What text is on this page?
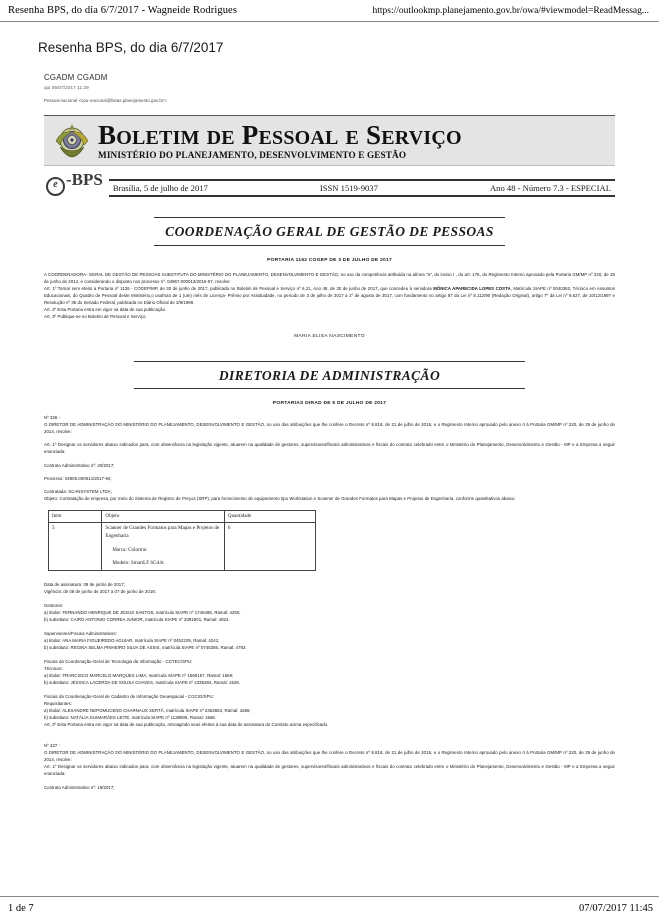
Resenha BPS, do dia 6/7/2017 - Wagneide Rodrigues	https://outlookmp.planejamento.gov.br/owa/#viewmodel=ReadMessag...
Resenha BPS, do dia 6/7/2017
CGADM CGADM
qui 06/07/2017 11:29
Pessoa-nacional <cpu-nacional@listas.planejamento.gov.br>;
BOLETIM DE PESSOAL E SERVIÇO
MINISTÉRIO DO PLANEJAMENTO, DESENVOLVIMENTO E GESTÃO
e -BPS	Brasília, 5 de julho de 2017	ISSN 1519-9037	Ano 48 - Número 7.3 - ESPECIAL
COORDENAÇÃO GERAL DE GESTÃO DE PESSOAS
PORTARIA 1162 COGEP DE 3 DE JULHO DE 2017

A COORDENADORA- GERAL DE GESTÃO DE PESSOAS SUBSTITUTA DO MINISTÉRIO DO PLANEJAMENTO, DESENVOLVIMENTO E GESTÃO, no uso da competência atribuída na alínea "a", do inciso I , do art. 176, do Regimento Interno aprovado pela Portaria GM/MP nº 220, de 25 de junho de 2014, e considerando o disposto nos processo nº. 04967.000013/2016-97, resolve:

Art. 1º Tornar sem efeito a Portaria nº 1126 - COGEP/MP, de 30 de junho de 2017, publicada no Boletim de Pessoal e Serviço nº 6.21, Ano 48, de 30 de junho de 2017, que concedeu à servidora MÔNICA APARECIDA LOPES COSTA, Matrícula SIAPE nº 0040362, Técnico em Assuntos Educacionais, do Quadro de Pessoal deste Ministério,o usufruto de 1 (um) mês de Licença- Prêmio por Assiduidade, no período de 3 de julho de 2017 a 1º de agosto de 2017, com fundamento no artigo 87 da Lei nº 8.112/90 (Redação Original), artigo 7º da Lei nº 9.527, de 10/12/1997 e Resolução nº 35 do Senado Federal, publicada no Diário Oficial de 3/9/1999.

Art. 2º Esta Portaria entra em vigor na data de sua publicação.

Art. 3º Publique-se no Boletim de Pessoal e Serviço.

MARIA ELISA NASCIMENTO
DIRETORIA DE ADMINISTRAÇÃO
PORTARIAS DIRAD DE 5 DE JULHO DE 2017

Nº 326 -

O DIRETOR DE ADMINISTRAÇÃO DO MINISTÉRIO DO PLANEJAMENTO, DESENVOLVIMENTO E GESTÃO, no uso das atribuições que lhe confere o Decreto nº 8.818, de 21 de julho de 2016, e o Regimento Interno aprovado pelo anexo II à Portaria GM/MP nº 220, de 25 de junho de 2014, resolve:

Art. 1º Designar os servidores abaixo indicados para, com observância na legislação vigente, atuarem na qualidade de gestores, supervisores/fiscais administrativos e fiscais do contrato celebrado entre o Ministério do Planejamento, Desenvolvimento e Gestão - MP e a Empresa a seguir enunciada:

Contrato Administrativo nº: 20/2017;

Processo: 04905.000914/2017-94;

Contratada: SCANSYSTEM LTDA;

Objeto: Contratação de empresa, por meio do Sistema de Registro de Preços (SRP), para fornecimento de equipamento tipo Workstation e Scanner de Grandes Formatos para Mapas e Projetos de Engenharia, conforme quantitativos abaixo:

Item	Objeto	Quantidade
3	Scanner de Grandes Formatos para Mapas e Projetos de Engenharia
Marca: Colortrac
Modelo: SmartLF SG44c	6

Data de assinatura: 08 de junho de 2017;

Vigência: de 08 de junho de 2017 a 07 de junho de 2018;

Gestores:

a) titular: FERNANDO HENRIQUE DE JESUS SANTOS, matrícula SIAPE nº 1745486, Ramal: 4250;

b) substituto: CAIRO ANTONIO CORREA JUNIOR, matrícula SIAPE nº 2091901, Ramal: 4824.

Supervisores/Fiscais Administrativos:

a) titular: ANA MARIA FIGUEIREDO AGUIAR, matrícula SIAPE nº 0452229, Ramal: 4241;

b) substituto: REGINA SELMA PINHEIRO SILVA DE ASSIS, matrícula SIAPE nº 0745365, Ramal: 4792.

Fiscais da Coordenação-Geral de Tecnologia da Informação - CGTEC/SPU:

Técnicos:

a) titular: FRANCISCO MARCELO MARQUES LIMA, matrícula SIAPE nº 1560157, Ramal: 1569;

b) substituto: JÉSSICA LACERDA DE SOUSA CHAVES, matrícula SIAPE nº 2335284, Ramal: 1529.

Fiscais da Coordenação-Geral de Cadastro de Informação Geoespacial - CGCIG/SPU:

Requisitantes:

a) titular: ALEXANDRE NEPOMUCENO CHARNAUX SERTÃ, matrícula SIAPE nº 2353653, Ramal: 1566;

b) substituto: NATÁLIA GUIMARÃES LEITE, matrícula SIAPE nº 1138806, Ramal: 1566.

Art. 2º Esta Portaria entra em vigor na data de sua publicação, retroagindo seus efeitos à sua data de assinatura do Contrato acima especificado.

Nº 327 -

O DIRETOR DE ADMINISTRAÇÃO DO MINISTÉRIO DO PLANEJAMENTO, DESENVOLVIMENTO E GESTÃO, no uso das atribuições que lhe confere o Decreto nº 8.818, de 21 de julho de 2016, e o Regimento Interno aprovado pelo anexo II à Portaria GM/MP nº 220, de 25 de junho de 2014, resolve:

Art. 1º Designar os servidores abaixo indicados para, com observância na legislação vigente, atuarem na qualidade de gestores, supervisores/fiscais administrativos e fiscais do contrato celebrado entre o Ministério do Planejamento, Desenvolvimento e Gestão - MP e a Empresa a seguir enunciada:

Contrato Administrativo nº: 19/2017;

1 de 7	07/07/2017 11:45
